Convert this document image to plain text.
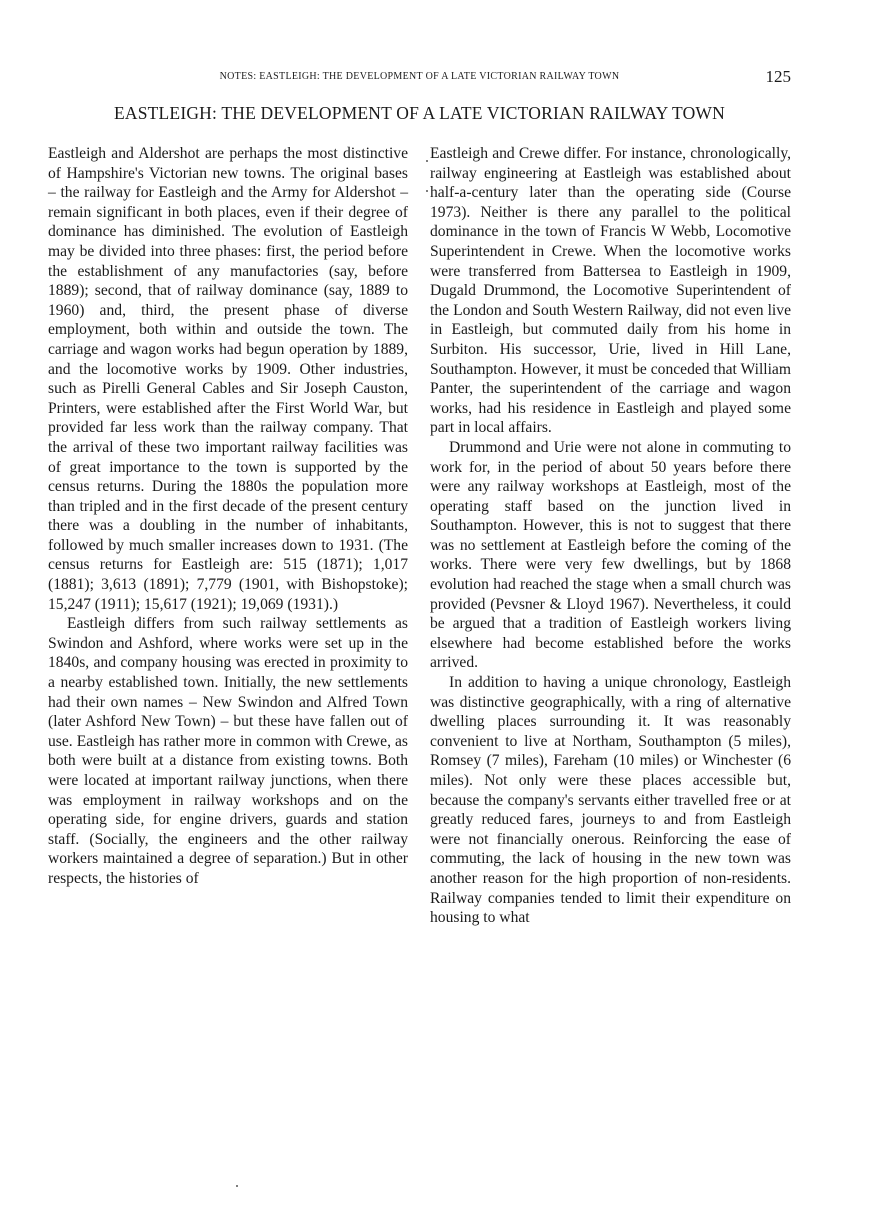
NOTES: EASTLEIGH: THE DEVELOPMENT OF A LATE VICTORIAN RAILWAY TOWN	125
EASTLEIGH: THE DEVELOPMENT OF A LATE VICTORIAN RAILWAY TOWN

Eastleigh and Aldershot are perhaps the most distinctive of Hampshire's Victorian new towns. The original bases – the railway for Eastleigh and the Army for Aldershot – remain significant in both places, even if their degree of dominance has diminished. The evolution of Eastleigh may be divided into three phases: first, the period before the establishment of any manufactories (say, before 1889); second, that of railway dominance (say, 1889 to 1960) and, third, the present phase of diverse employment, both within and outside the town. The carriage and wagon works had begun operation by 1889, and the locomotive works by 1909. Other industries, such as Pirelli General Cables and Sir Joseph Causton, Printers, were established after the First World War, but provided far less work than the railway company. That the arrival of these two important railway facilities was of great importance to the town is supported by the census returns. During the 1880s the population more than tripled and in the first decade of the present century there was a doubling in the number of inhabitants, followed by much smaller increases down to 1931. (The census returns for Eastleigh are: 515 (1871); 1,017 (1881); 3,613 (1891); 7,779 (1901, with Bishopstoke); 15,247 (1911); 15,617 (1921); 19,069 (1931).)

Eastleigh differs from such railway settlements as Swindon and Ashford, where works were set up in the 1840s, and company housing was erected in proximity to a nearby established town. Initially, the new settlements had their own names – New Swindon and Alfred Town (later Ashford New Town) – but these have fallen out of use. Eastleigh has rather more in common with Crewe, as both were built at a distance from existing towns. Both were located at important railway junctions, when there was employment in railway workshops and on the operating side, for engine drivers, guards and station staff. (Socially, the engineers and the other railway workers maintained a degree of separation.) But in other respects, the histories of

Eastleigh and Crewe differ. For instance, chronologically, railway engineering at Eastleigh was established about half-a-century later than the operating side (Course 1973). Neither is there any parallel to the political dominance in the town of Francis W Webb, Locomotive Superintendent in Crewe. When the locomotive works were transferred from Battersea to Eastleigh in 1909, Dugald Drummond, the Locomotive Superintendent of the London and South Western Railway, did not even live in Eastleigh, but commuted daily from his home in Surbiton. His successor, Urie, lived in Hill Lane, Southampton. However, it must be conceded that William Panter, the superintendent of the carriage and wagon works, had his residence in Eastleigh and played some part in local affairs.

Drummond and Urie were not alone in commuting to work for, in the period of about 50 years before there were any railway workshops at Eastleigh, most of the operating staff based on the junction lived in Southampton. However, this is not to suggest that there was no settlement at Eastleigh before the coming of the works. There were very few dwellings, but by 1868 evolution had reached the stage when a small church was provided (Pevsner & Lloyd 1967). Nevertheless, it could be argued that a tradition of Eastleigh workers living elsewhere had become established before the works arrived.

In addition to having a unique chronology, Eastleigh was distinctive geographically, with a ring of alternative dwelling places surrounding it. It was reasonably convenient to live at Northam, Southampton (5 miles), Romsey (7 miles), Fareham (10 miles) or Winchester (6 miles). Not only were these places accessible but, because the company's servants either travelled free or at greatly reduced fares, journeys to and from Eastleigh were not financially onerous. Reinforcing the ease of commuting, the lack of housing in the new town was another reason for the high proportion of non-residents. Railway companies tended to limit their expenditure on housing to what
